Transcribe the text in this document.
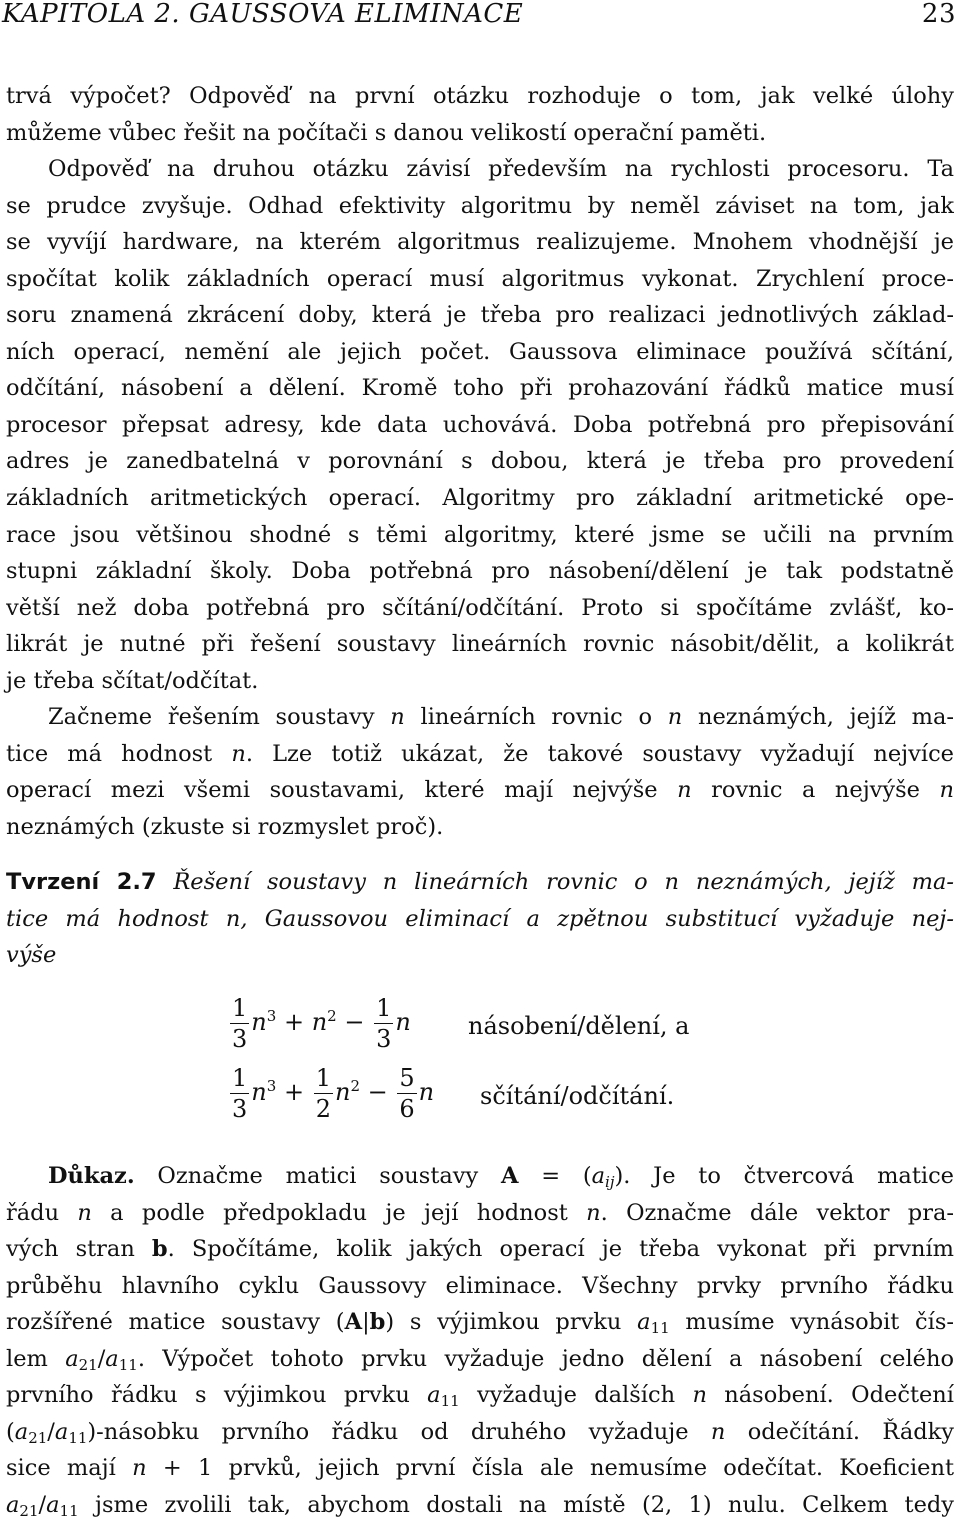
KAPITOLA 2. GAUSSOVA ELIMINACE	23
trvá výpočet? Odpověď na první otázku rozhoduje o tom, jak velké úlohy
můžeme vůbec řešit na počítači s danou velikostí operační paměti.
Odpověď na druhou otázku závisí především na rychlosti procesoru. Ta
se prudce zvyšuje. Odhad efektivity algoritmu by neměl záviset na tom, jak
se vyvíjí hardware, na kterém algoritmus realizujeme. Mnohem vhodnější je
spočítat kolik základních operací musí algoritmus vykonat. Zrychlení proce-
soru znamená zkrácení doby, která je třeba pro realizaci jednotlivých základ-
ních operací, nemění ale jejich počet. Gaussova eliminace používá sčítání,
odčítání, násobení a dělení. Kromě toho při prohazování řádků matice musí
procesor přepsat adresy, kde data uchovává. Doba potřebná pro přepisování
adres je zanedbatelná v porovnání s dobou, která je třeba pro provedení
základních aritmetických operací. Algoritmy pro základní aritmetické ope-
race jsou většinou shodné s těmi algoritmy, které jsme se učili na prvním
stupni základní školy. Doba potřebná pro násobení/dělení je tak podstatně
větší než doba potřebná pro sčítání/odčítání. Proto si spočítáme zvlášť, ko-
likrát je nutné při řešení soustavy lineárních rovnic násobit/dělit, a kolikrát
je třeba sčítat/odčítat.
Začneme řešením soustavy n lineárních rovnic o n neznámých, jejíž ma-
tice má hodnost n. Lze totiž ukázat, že takové soustavy vyžadují nejvíce
operací mezi všemi soustavami, které mají nejvýše n rovnic a nejvýše n
neznámých (zkuste si rozmyslet proč).
Tvrzení 2.7 Řešení soustavy n lineárních rovnic o n neznámých, jejíž ma-
tice má hodnost n, Gaussovou eliminací a zpětnou substitucí vyžaduje nej-
výše
$\frac{1}{3} n^3 + n^2 - \frac{1}{3}$ n násobení/dělení, a
$\frac{1}{3} n^3 + \frac{1}{2} n^2 - \frac{5}{6}$ n sčítání/odčítání.
Důkaz. Označme matici soustavy $A = (a_{ij})$. Je to čtvercová matice
řádu n a podle předpokladu je její hodnost n. Označme dále vektor pra-
vých stran b. Spočítáme, kolik jakých operací je třeba vykonat při prvním
průběhu hlavního cyklu Gaussovy eliminace. Všechny prvky prvního řádku
rozšířené matice soustavy (A|b) s výjimkou prvku $a_{11}$ musíme vynásobit čís-
lem $a_{21}/a_{11}$. Výpočet tohoto prvku vyžaduje jedno dělení a násobení celého
prvního řádku s výjimkou prvku $a_{11}$ vyžaduje dalších n násobení. Odečtení
$(a_{21}/a_{11})$-násobku prvního řádku od druhého vyžaduje n odečítání. Řádky
sice mají n + 1 prvků, jejich první čísla ale nemusíme odečítat. Koeficient
$a_{21}/a_{11}$ jsme zvolili tak, abychom dostali na místě (2, 1) nulu. Celkem tedy
